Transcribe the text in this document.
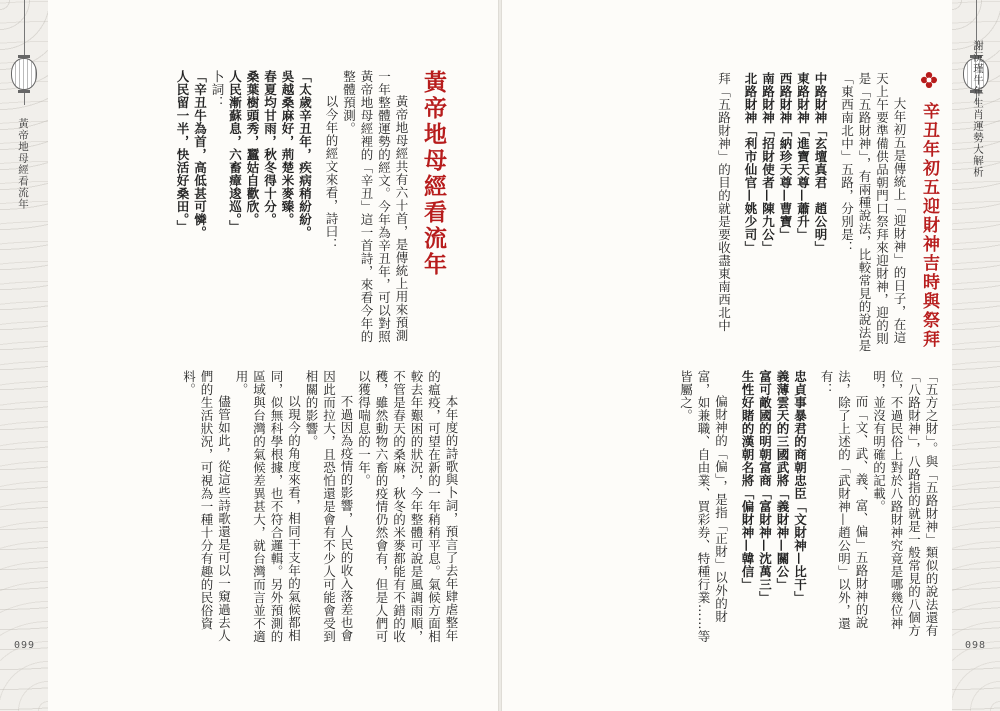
黃帝地母經看流年
099
黃帝地母經看流年

黃帝地母經共有六十首，是傳統上用來預測一年整體運勢的經文。今年為辛丑年，可以對照黃帝地母經裡的「辛丑」這一首詩，來看今年的整體預測。

以今年的經文來看，詩曰：

「太歲辛丑年，疾病稍紛紛。

吳越桑麻好，荊楚米麥臻。

春夏均甘雨，秋冬得十分。

桑葉樹頭秀，蠶姑自歡欣。

人民漸蘇息，六畜瘴逡巡。」

卜詞：

「辛丑牛為首，高低甚可憐。

人民留一半，快活好桑田。」

本年度的詩歌與卜詞，預言了去年肆虐整年的瘟疫，可望在新的一年稍稍平息。氣候方面相較去年艱困的狀況，今年整體可說是風調雨順，不管是春天的桑麻，秋冬的米麥都能有不錯的收穫，雖然動物六畜的疫情仍然會有，但是人們可以獲得喘息的一年。

不過因為疫情的影響，人民的收入落差也會因此而拉大，且恐怕還是會有不少人可能會受到相關的影響。

以現今的角度來看，相同干支年的氣候都相同，似無科學根據，也不符合邏輯。另外預測的區域與台灣的氣候差異甚大，就台灣而言並不適用。

儘管如此，從這些詩歌還是可以一窺過去人們的生活狀況，可視為一種十分有趣的民俗資料。

謝沅瑾牛年生肖運勢大解析
098
辛丑年初五迎財神吉時與祭拜

大年初五是傳統上「迎財神」的日子，在這天上午要準備供品朝門口祭拜來迎財神，迎的則是「五路財神」，有兩種說法，比較常見的說法是「東西南北中」五路，分別是：

中路財神「玄壇真君　趙公明」

東路財神「進寶天尊—蕭升」

西路財神「納珍天尊—曹寶」

南路財神「招財使者—陳九公」

北路財神「利市仙官—姚少司」

拜「五路財神」的目的就是要收盡東南西北中

「五方之財」。與「五路財神」類似的說法還有「八路財神」，八路指的就是一般常見的八個方位，不過民俗上對於八路財神究竟是哪幾位神明，並沒有明確的記載。

而「文、武、義、富、偏」五路財神的說法，除了上述的「武財神—趙公明」以外，還有：

忠貞事暴君的商朝忠臣「文財神—比干」

義薄雲天的三國武將「義財神—關公」

富可敵國的明朝富商「富財神—沈萬三」

生性好賭的漢朝名將「偏財神—韓信」

偏財神的「偏」，是指「正財」以外的財富，如兼職、自由業、買彩券、特種行業……等　皆屬之。
